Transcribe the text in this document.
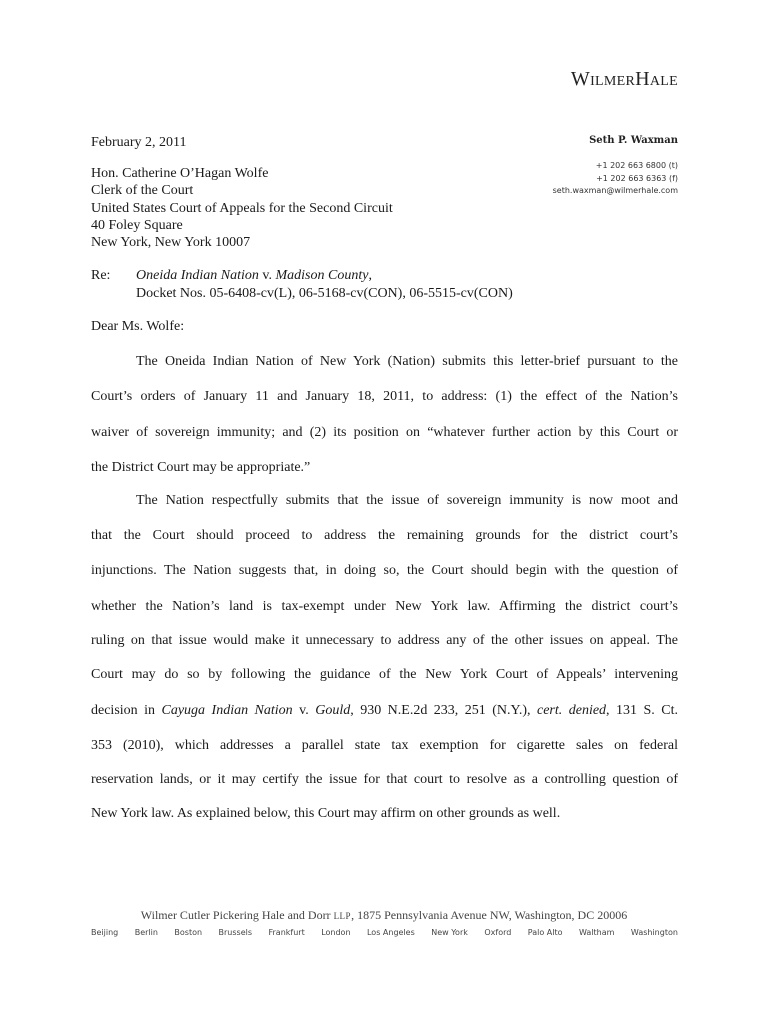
WilmerHale
Seth P. Waxman
+1 202 663 6800 (t)
+1 202 663 6363 (f)
seth.waxman@wilmerhale.com
February 2, 2011
Hon. Catherine O’Hagan Wolfe
Clerk of the Court
United States Court of Appeals for the Second Circuit
40 Foley Square
New York, New York 10007
Re: Oneida Indian Nation v. Madison County,
Docket Nos. 05-6408-cv(L), 06-5168-cv(CON), 06-5515-cv(CON)
Dear Ms. Wolfe:
The Oneida Indian Nation of New York (Nation) submits this letter-brief pursuant to the
Court’s orders of January 11 and January 18, 2011, to address: (1) the effect of the Nation’s
waiver of sovereign immunity; and (2) its position on “whatever further action by this Court or
the District Court may be appropriate.”
The Nation respectfully submits that the issue of sovereign immunity is now moot and
that the Court should proceed to address the remaining grounds for the district court’s
injunctions. The Nation suggests that, in doing so, the Court should begin with the question of
whether the Nation’s land is tax-exempt under New York law. Affirming the district court’s
ruling on that issue would make it unnecessary to address any of the other issues on appeal. The
Court may do so by following the guidance of the New York Court of Appeals’ intervening
decision in Cayuga Indian Nation v. Gould, 930 N.E.2d 233, 251 (N.Y.), cert. denied, 131 S. Ct.
353 (2010), which addresses a parallel state tax exemption for cigarette sales on federal
reservation lands, or it may certify the issue for that court to resolve as a controlling question of
New York law. As explained below, this Court may affirm on other grounds as well.
Wilmer Cutler Pickering Hale and Dorr LLP, 1875 Pennsylvania Avenue NW, Washington, DC 20006
Beijing Berlin Boston Brussels Frankfurt London Los Angeles New York Oxford Palo Alto Waltham Washington
